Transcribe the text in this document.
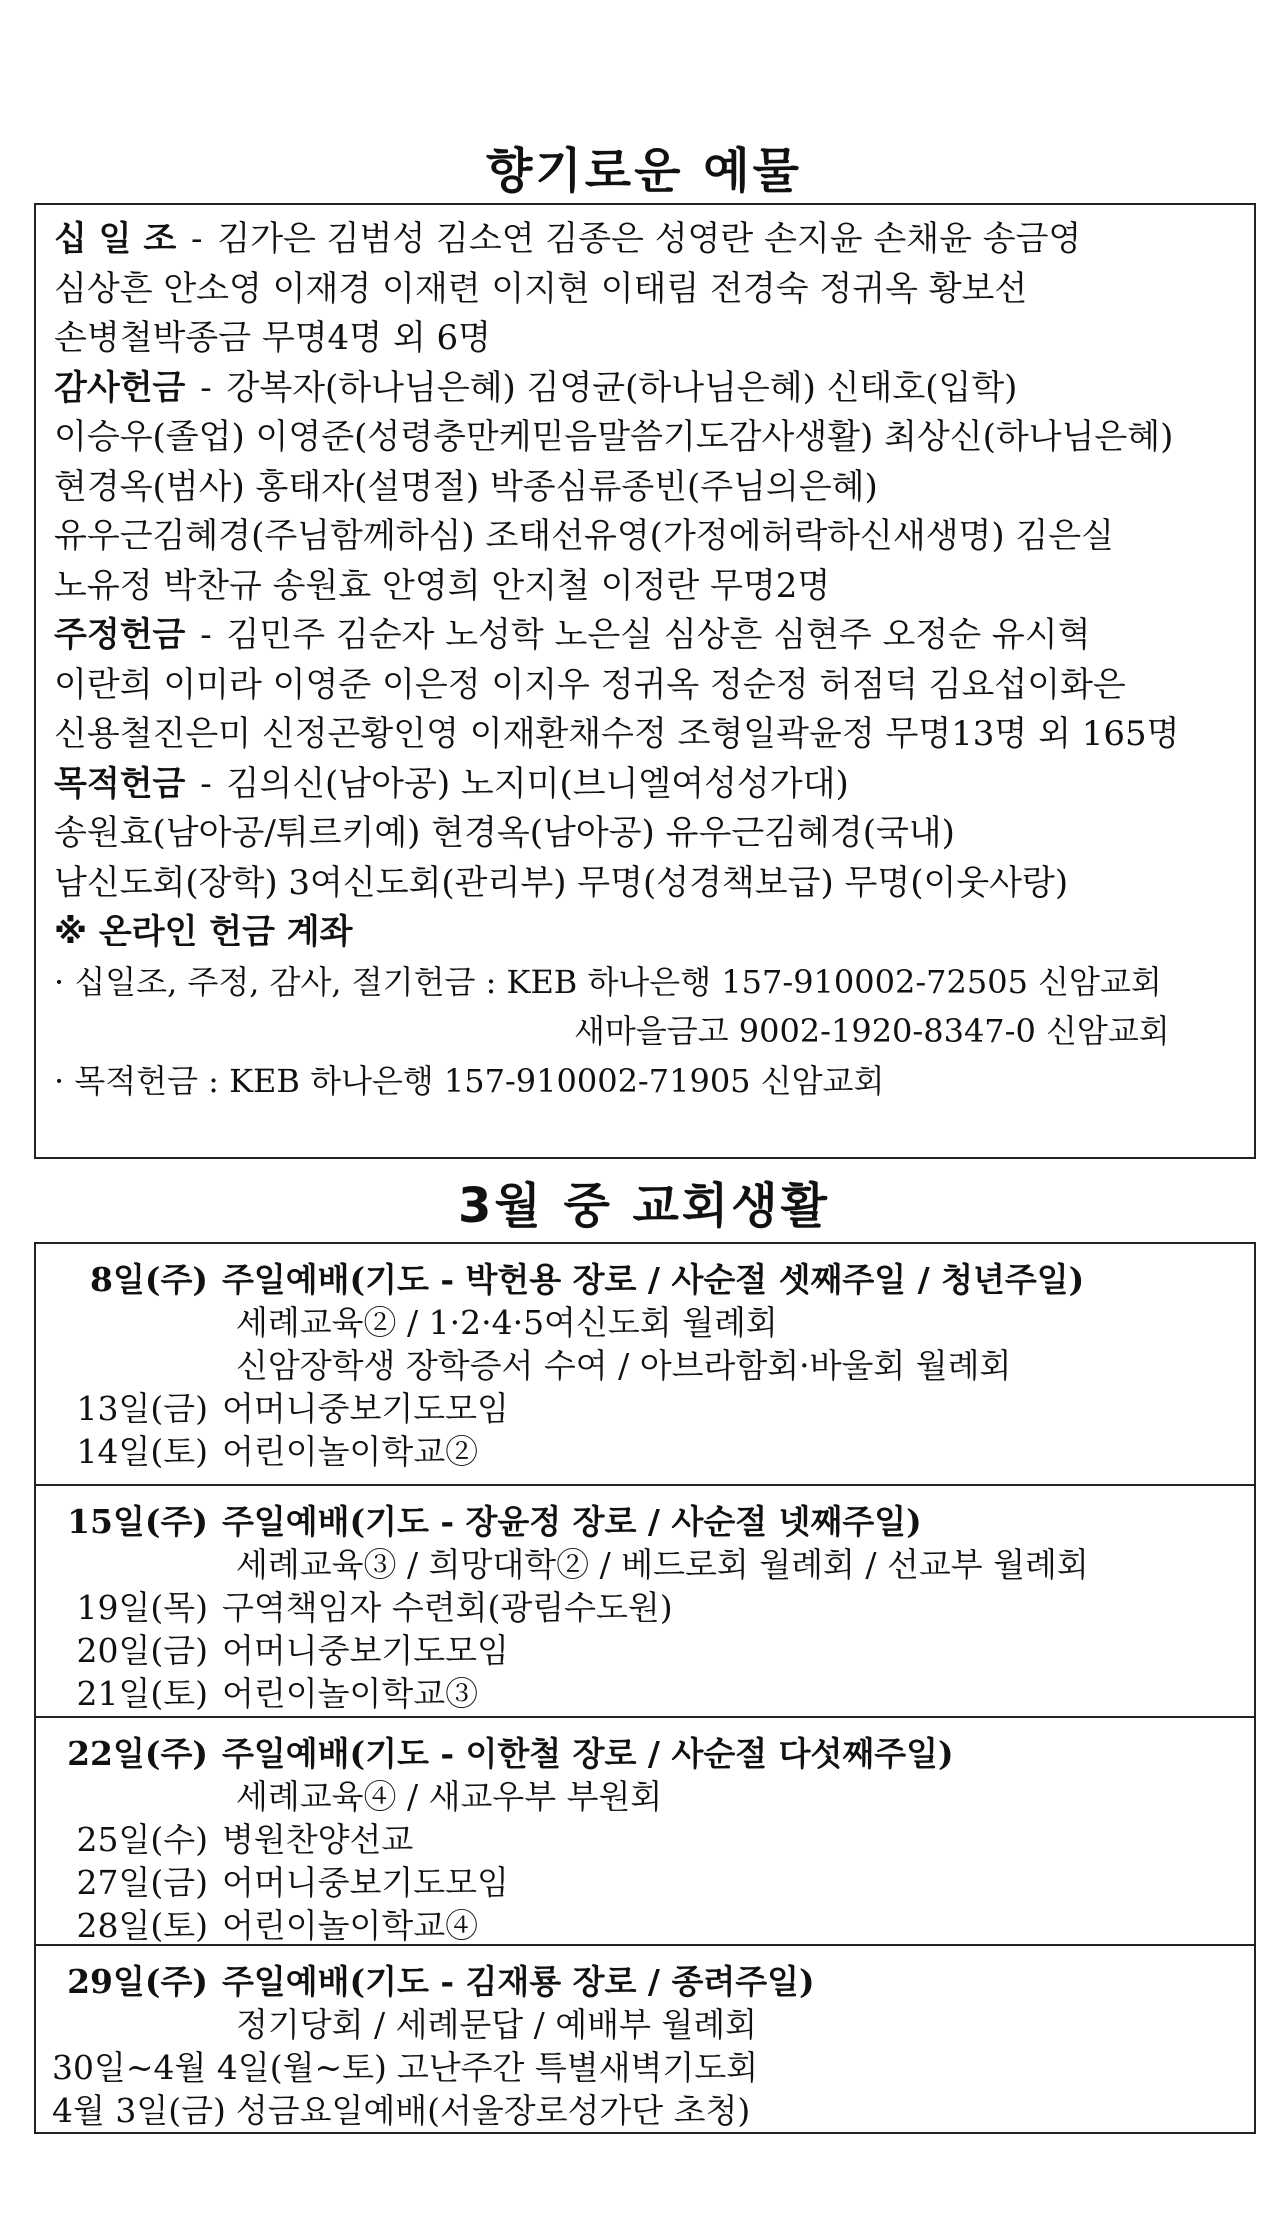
향기로운 예물
십 일 조 - 김가은 김범성 김소연 김종은 성영란 손지윤 손채윤 송금영
심상흔 안소영 이재경 이재련 이지현 이태림 전경숙 정귀옥 황보선
손병철박종금 무명4명 외 6명
감사헌금 - 강복자(하나님은혜) 김영균(하나님은혜) 신태호(입학)
이승우(졸업) 이영준(성령충만케믿음말씀기도감사생활) 최상신(하나님은혜)
현경옥(범사) 홍태자(설명절) 박종심류종빈(주님의은혜)
유우근김혜경(주님함께하심) 조태선유영(가정에허락하신새생명) 김은실
노유정 박찬규 송원효 안영희 안지철 이정란 무명2명
주정헌금 - 김민주 김순자 노성학 노은실 심상흔 심현주 오정순 유시혁
이란희 이미라 이영준 이은정 이지우 정귀옥 정순정 허점덕 김요섭이화은
신용철진은미 신정곤황인영 이재환채수정 조형일곽윤정 무명13명 외 165명
목적헌금 - 김의신(남아공) 노지미(브니엘여성성가대)
송원효(남아공/튀르키예) 현경옥(남아공) 유우근김혜경(국내)
남신도회(장학) 3여신도회(관리부) 무명(성경책보급) 무명(이웃사랑)
※ 온라인 헌금 계좌
· 십일조, 주정, 감사, 절기헌금 : KEB 하나은행 157-910002-72505 신암교회
새마을금고 9002-1920-8347-0 신암교회
· 목적헌금 : KEB 하나은행 157-910002-71905 신암교회
3월 중 교회생활
8일(주) 주일예배(기도 - 박헌용 장로 / 사순절 셋째주일 / 청년주일)
세례교육② / 1·2·4·5여신도회 월례회
신암장학생 장학증서 수여 / 아브라함회·바울회 월례회
13일(금) 어머니중보기도모임
14일(토) 어린이놀이학교②
15일(주) 주일예배(기도 - 장윤정 장로 / 사순절 넷째주일)
세례교육③ / 희망대학② / 베드로회 월례회 / 선교부 월례회
19일(목) 구역책임자 수련회(광림수도원)
20일(금) 어머니중보기도모임
21일(토) 어린이놀이학교③
22일(주) 주일예배(기도 - 이한철 장로 / 사순절 다섯째주일)
세례교육④ / 새교우부 부원회
25일(수) 병원찬양선교
27일(금) 어머니중보기도모임
28일(토) 어린이놀이학교④
29일(주) 주일예배(기도 - 김재룡 장로 / 종려주일)
정기당회 / 세례문답 / 예배부 월례회
30일~4월 4일(월~토) 고난주간 특별새벽기도회
4월 3일(금) 성금요일예배(서울장로성가단 초청)
